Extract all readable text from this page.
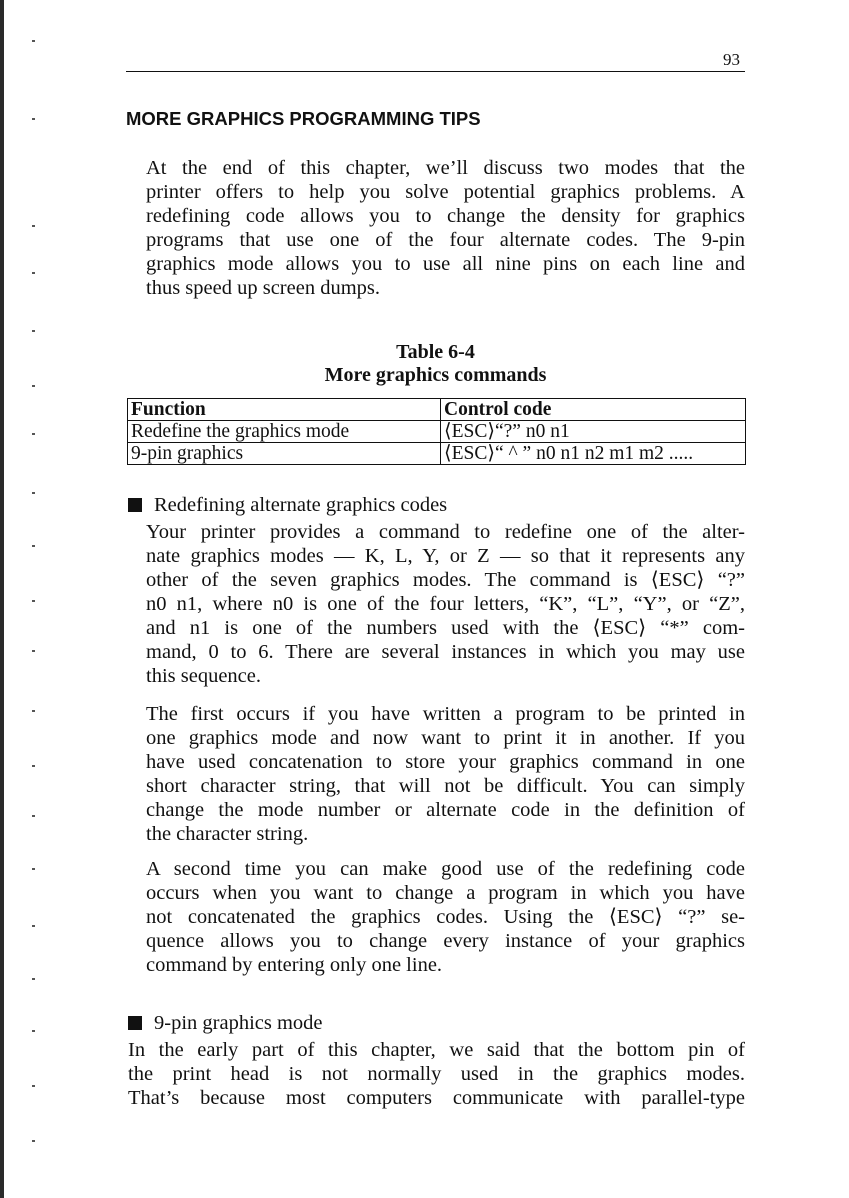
93
MORE GRAPHICS PROGRAMMING TIPS

At the end of this chapter, we’ll discuss two modes that the
printer offers to help you solve potential graphics problems. A
redefining code allows you to change the density for graphics
programs that use one of the four alternate codes. The 9-pin
graphics mode allows you to use all nine pins on each line and
thus speed up screen dumps.

Table 6-4

More graphics commands

Function	Control code
Redefine the graphics mode	⟨ESC⟩“?” n0 n1
9-pin graphics	⟨ESC⟩“ ^ ” n0 n1 n2 m1 m2 .....

Redefining alternate graphics codes

Your printer provides a command to redefine one of the alter-
nate graphics modes — K, L, Y, or Z — so that it represents any
other of the seven graphics modes. The command is ⟨ESC⟩ “?”
n0 n1, where n0 is one of the four letters, “K”, “L”, “Y”, or “Z”,
and n1 is one of the numbers used with the ⟨ESC⟩ “*” com-
mand, 0 to 6. There are several instances in which you may use
this sequence.

The first occurs if you have written a program to be printed in
one graphics mode and now want to print it in another. If you
have used concatenation to store your graphics command in one
short character string, that will not be difficult. You can simply
change the mode number or alternate code in the definition of
the character string.

A second time you can make good use of the redefining code
occurs when you want to change a program in which you have
not concatenated the graphics codes. Using the ⟨ESC⟩ “?” se-
quence allows you to change every instance of your graphics
command by entering only one line.

9-pin graphics mode

In the early part of this chapter, we said that the bottom pin of
the print head is not normally used in the graphics modes.
That’s because most computers communicate with parallel-type
